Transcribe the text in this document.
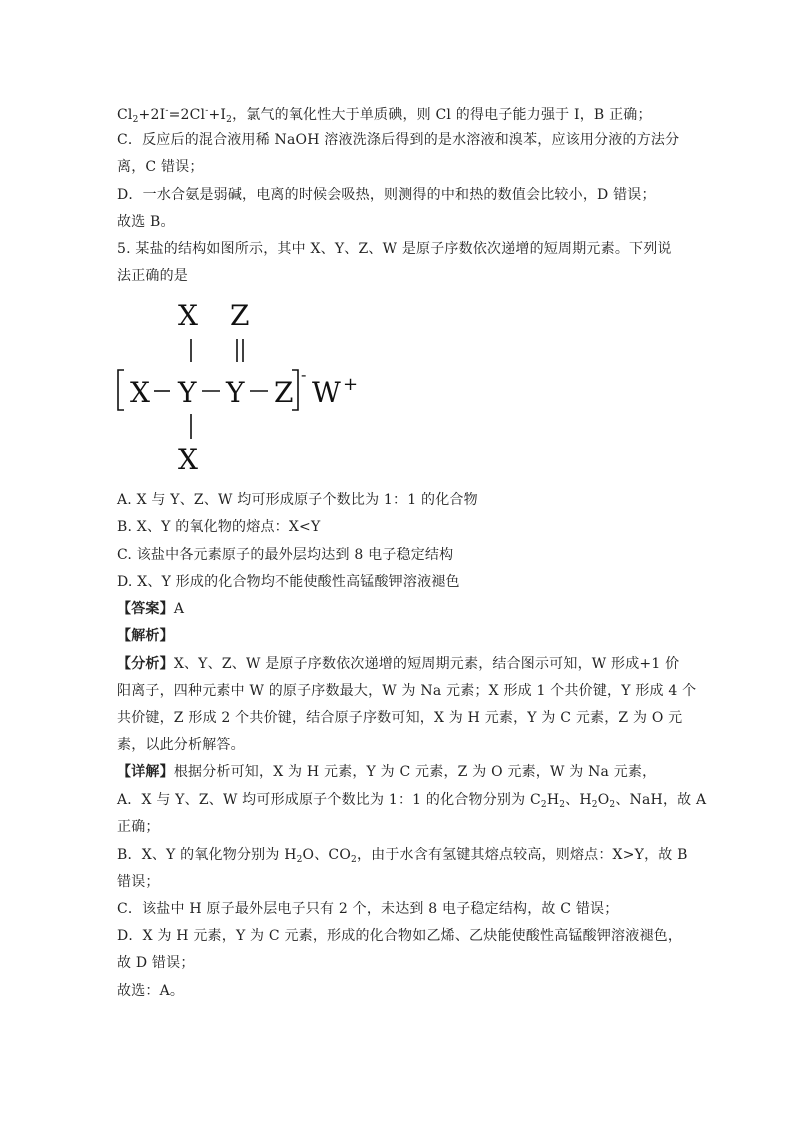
$Cl_2+2I^-=2Cl^-+I_2$，氯气的氧化性大于单质碘，则 Cl 的得电子能力强于 I，B 正确；
C．反应后的混合液用稀 NaOH 溶液洗涤后得到的是水溶液和溴苯，应该用分液的方法分
离，C 错误；
D．一水合氨是弱碱，电离的时候会吸热，则测得的中和热的数值会比较小，D 错误；
故选 B。
5. 某盐的结构如图所示，其中 X、Y、Z、W 是原子序数依次递增的短周期元素。下列说
法正确的是
X Z
X Y Y Z
-
W +
X
A. X 与 Y、Z、W 均可形成原子个数比为 1：1 的化合物
B. X、Y 的氧化物的熔点：X<Y
C. 该盐中各元素原子的最外层均达到 8 电子稳定结构
D. X、Y 形成的化合物均不能使酸性高锰酸钾溶液褪色
【答案】A
【解析】
【分析】X、Y、Z、W 是原子序数依次递增的短周期元素，结合图示可知，W 形成+1 价
阳离子，四种元素中 W 的原子序数最大，W 为 Na 元素；X 形成 1 个共价键，Y 形成 4 个
共价键，Z 形成 2 个共价键，结合原子序数可知，X 为 H 元素，Y 为 C 元素，Z 为 O 元
素，以此分析解答。
【详解】根据分析可知，X 为 H 元素，Y 为 C 元素，Z 为 O 元素，W 为 Na 元素，
A．X 与 Y、Z、W 均可形成原子个数比为 1：1 的化合物分别为 $C_2H_2$、$H_2O_2$、NaH，故 A
正确；
B．X、Y 的氧化物分别为 $H_2O$、$CO_2$，由于水含有氢键其熔点较高，则熔点：X>Y，故 B
错误；
C．该盐中 H 原子最外层电子只有 2 个，未达到 8 电子稳定结构，故 C 错误；
D．X 为 H 元素，Y 为 C 元素，形成的化合物如乙烯、乙炔能使酸性高锰酸钾溶液褪色，
故 D 错误；
故选：A。
